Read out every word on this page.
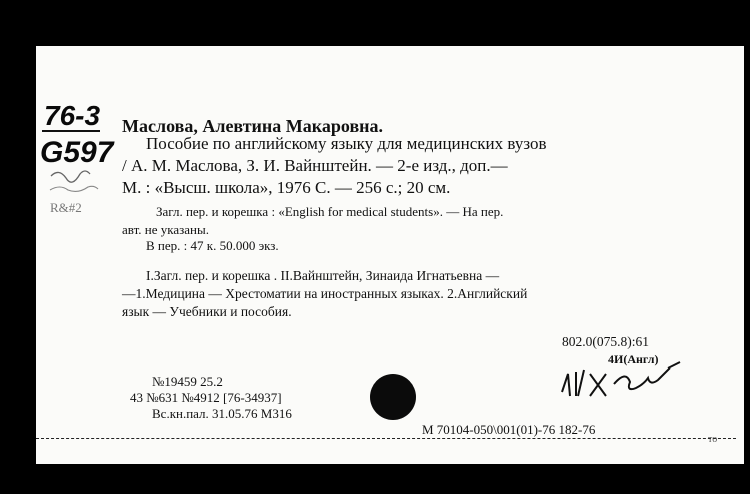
76-3
G597
R&#2
Маслова, Алевтина Макаровна.
Пособие по английскому языку для медицинских вузов
/ А. М. Маслова, З. И. Вайнштейн. — 2-е изд., доп.—
М. : «Высш. школа», 1976 С. — 256 с.; 20 см.
Загл. пер. и корешка : «English for medical students». — На пер.
авт. не указаны.
В пер. : 47 к. 50.000 экз.
I.Загл. пер. и корешка . II.Вайнштейн, Зинаида Игнатьевна —
—1.Медицина — Хрестоматии на иностранных языках. 2.Английский
язык — Учебники и пособия.
802.0(075.8):61
4И(Англ)
№19459 25.2
43 №631 №4912 [76-34937]
Вс.кн.пал. 31.05.76 М316
М 70104-050\001(01)-76 182-76
то
